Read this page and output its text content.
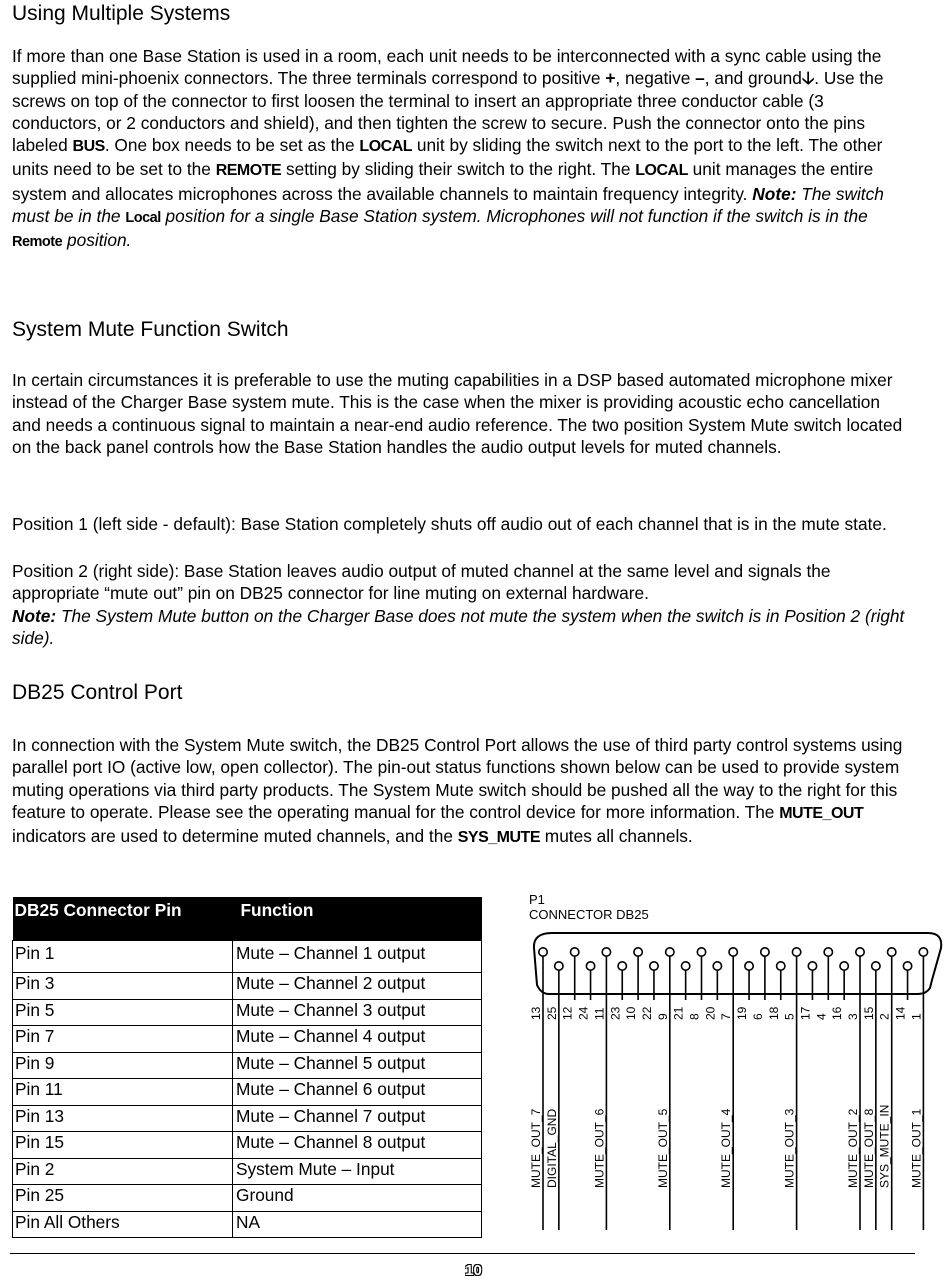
Using Multiple Systems

If more than one Base Station is used in a room, each unit needs to be interconnected with a sync cable using the supplied mini-phoenix connectors. The three terminals correspond to positive +, negative –, and ground🡣. Use the screws on top of the connector to first loosen the terminal to insert an appropriate three conductor cable (3 conductors, or 2 conductors and shield), and then tighten the screw to secure. Push the connector onto the pins labeled BUS. One box needs to be set as the LOCAL unit by sliding the switch next to the port to the left. The other units need to be set to the REMOTE setting by sliding their switch to the right. The LOCAL unit manages the entire system and allocates microphones across the available channels to maintain frequency integrity. Note: The switch must be in the Local position for a single Base Station system. Microphones will not function if the switch is in the Remote position.

System Mute Function Switch

In certain circumstances it is preferable to use the muting capabilities in a DSP based automated microphone mixer instead of the Charger Base system mute. This is the case when the mixer is providing acoustic echo cancellation and needs a continuous signal to maintain a near-end audio reference. The two position System Mute switch located on the back panel controls how the Base Station handles the audio output levels for muted channels.

Position 1 (left side - default): Base Station completely shuts off audio out of each channel that is in the mute state.

Position 2 (right side): Base Station leaves audio output of muted channel at the same level and signals the appropriate “mute out” pin on DB25 connector for line muting on external hardware.

Note: The System Mute button on the Charger Base does not mute the system when the switch is in Position 2 (right side).

DB25 Control Port

In connection with the System Mute switch, the DB25 Control Port allows the use of third party control systems using parallel port IO (active low, open collector). The pin-out status functions shown below can be used to provide system muting operations via third party products. The System Mute switch should be pushed all the way to the right for this feature to operate. Please see the operating manual for the control device for more information. The MUTE_OUT indicators are used to determine muted channels, and the SYS_MUTE mutes all channels.

DB25 Connector Pin	Function
Pin 1	Mute – Channel 1 output
Pin 3	Mute – Channel 2 output
Pin 5	Mute – Channel 3 output
Pin 7	Mute – Channel 4 output
Pin 9	Mute – Channel 5 output
Pin 11	Mute – Channel 6 output
Pin 13	Mute – Channel 7 output
Pin 15	Mute – Channel 8 output
Pin 2	System Mute – Input
Pin 25	Ground
Pin All Others	NA
P1
CONNECTOR DB25
13 25 12 24 11 23 10 22 9 21 8 20 7 19 6 18 5 17 4 16 3 15 2 14 1
MUTE_OUT_7 DIGITAL_GND	MUTE_OUT_6	MUTE_OUT_5	MUTE_OUT_4	MUTE_OUT_3	MUTE_OUT_2 MUTE_OUT_8 SYS_MUTE_IN MUTE_OUT_1
10
